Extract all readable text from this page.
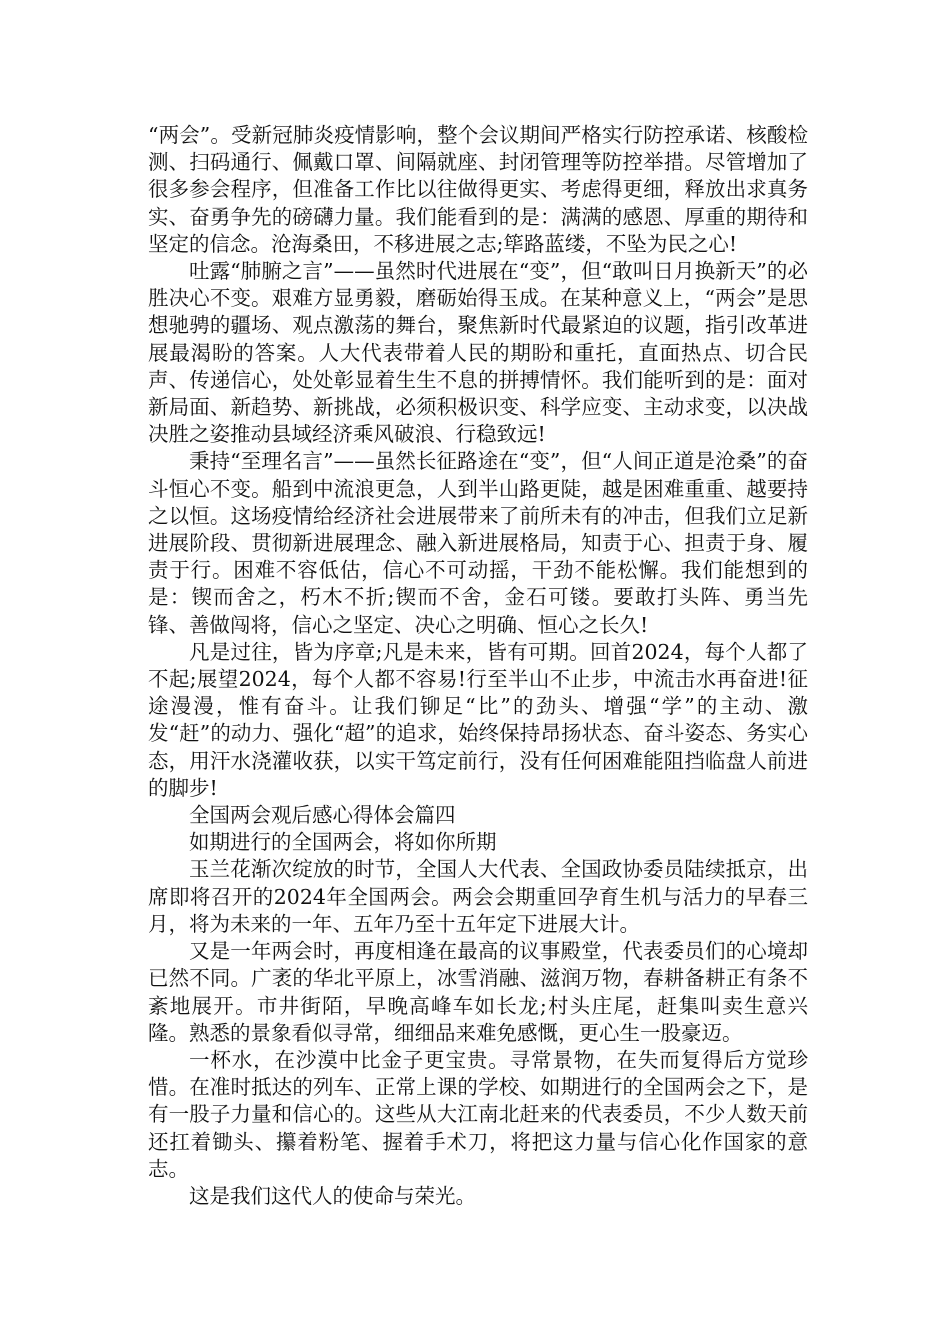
“两会”。受新冠肺炎疫情影响，整个会议期间严格实行防控承诺、核酸检测、扫码通行、佩戴口罩、间隔就座、封闭管理等防控举措。尽管增加了很多参会程序，但准备工作比以往做得更实、考虑得更细，释放出求真务实、奋勇争先的磅礴力量。我们能看到的是：满满的感恩、厚重的期待和坚定的信念。沧海桑田，不移进展之志;筚路蓝缕，不坠为民之心!

吐露“肺腑之言”——虽然时代进展在“变”，但“敢叫日月换新天”的必胜决心不变。艰难方显勇毅，磨砺始得玉成。在某种意义上，“两会”是思想驰骋的疆场、观点激荡的舞台，聚焦新时代最紧迫的议题，指引改革进展最渴盼的答案。人大代表带着人民的期盼和重托，直面热点、切合民声、传递信心，处处彰显着生生不息的拼搏情怀。我们能听到的是：面对新局面、新趋势、新挑战，必须积极识变、科学应变、主动求变，以决战决胜之姿推动县域经济乘风破浪、行稳致远!

秉持“至理名言”——虽然长征路途在“变”，但“人间正道是沧桑”的奋斗恒心不变。船到中流浪更急，人到半山路更陡，越是困难重重、越要持之以恒。这场疫情给经济社会进展带来了前所未有的冲击，但我们立足新进展阶段、贯彻新进展理念、融入新进展格局，知责于心、担责于身、履责于行。困难不容低估，信心不可动摇，干劲不能松懈。我们能想到的是：锲而舍之，朽木不折;锲而不舍，金石可镂。要敢打头阵、勇当先锋、善做闯将，信心之坚定、决心之明确、恒心之长久!

凡是过往，皆为序章;凡是未来，皆有可期。回首2024，每个人都了不起;展望2024，每个人都不容易!行至半山不止步，中流击水再奋进!征途漫漫，惟有奋斗。让我们铆足“比”的劲头、增强“学”的主动、激发“赶”的动力、强化“超”的追求，始终保持昂扬状态、奋斗姿态、务实心态，用汗水浇灌收获，以实干笃定前行，没有任何困难能阻挡临盘人前进的脚步!

全国两会观后感心得体会篇四

如期进行的全国两会，将如你所期

玉兰花渐次绽放的时节，全国人大代表、全国政协委员陆续抵京，出席即将召开的2024年全国两会。两会会期重回孕育生机与活力的早春三月，将为未来的一年、五年乃至十五年定下进展大计。

又是一年两会时，再度相逢在最高的议事殿堂，代表委员们的心境却已然不同。广袤的华北平原上，冰雪消融、滋润万物，春耕备耕正有条不紊地展开。市井街陌，早晚高峰车如长龙;村头庄尾，赶集叫卖生意兴隆。熟悉的景象看似寻常，细细品来难免感慨，更心生一股豪迈。

一杯水，在沙漠中比金子更宝贵。寻常景物，在失而复得后方觉珍惜。在准时抵达的列车、正常上课的学校、如期进行的全国两会之下，是有一股子力量和信心的。这些从大江南北赶来的代表委员，不少人数天前还扛着锄头、攥着粉笔、握着手术刀，将把这力量与信心化作国家的意志。

这是我们这代人的使命与荣光。
